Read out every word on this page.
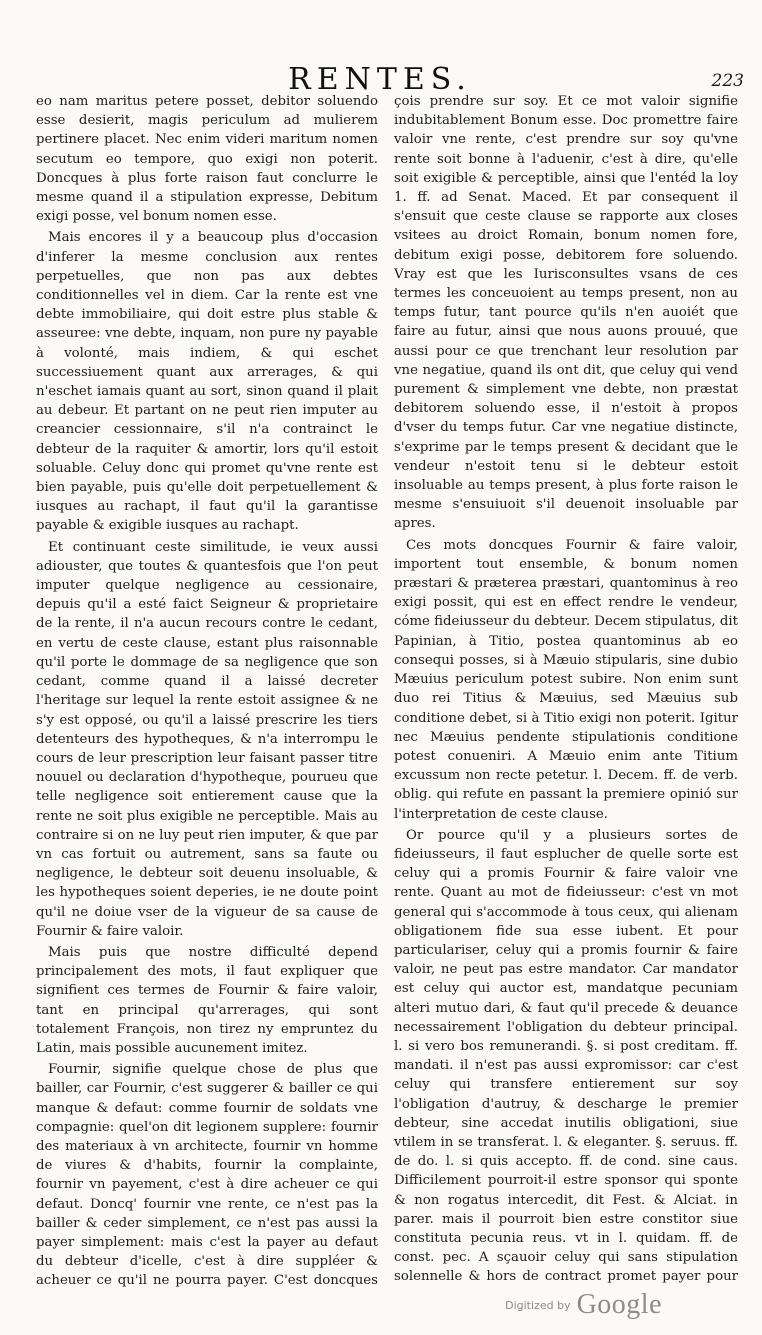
RENTES.	223

eo nam maritus petere posset, debitor soluendo esse desierit, magis periculum ad mulierem pertinere placet. Nec enim videri maritum nomen secutum eo tempore, quo exigi non poterit. Doncques à plus forte raison faut conclurre le mesme quand il a stipulation expresse, Debitum exigi posse, vel bonum nomen esse.

Mais encores il y a beaucoup plus d'occasion d'inferer la mesme conclusion aux rentes perpetuelles, que non pas aux debtes conditionnelles vel in diem. Car la rente est vne debte immobiliaire, qui doit estre plus stable & asseuree: vne debte, inquam, non pure ny payable à volonté, mais indiem, & qui eschet successiuement quant aux arrerages, & qui n'eschet iamais quant au sort, sinon quand il plait au debeur. Et partant on ne peut rien imputer au creancier cessionnaire, s'il n'a contrainct le debteur de la raquiter & amortir, lors qu'il estoit soluable. Celuy donc qui promet qu'vne rente est bien payable, puis qu'elle doit perpetuellement & iusques au rachapt, il faut qu'il la garantisse payable & exigible iusques au rachapt.

Et continuant ceste similitude, ie veux aussi adiouster, que toutes & quantesfois que l'on peut imputer quelque negligence au cessionaire, depuis qu'il a esté faict Seigneur & proprietaire de la rente, il n'a aucun recours contre le cedant, en vertu de ceste clause, estant plus raisonnable qu'il porte le dommage de sa negligence que son cedant, comme quand il a laissé decreter l'heritage sur lequel la rente estoit assignee & ne s'y est opposé, ou qu'il a laissé prescrire les tiers detenteurs des hypotheques, & n'a interrompu le cours de leur prescription leur faisant passer titre nouuel ou declaration d'hypotheque, pourueu que telle negligence soit entierement cause que la rente ne soit plus exigible ne perceptible. Mais au contraire si on ne luy peut rien imputer, & que par vn cas fortuit ou autrement, sans sa faute ou negligence, le debteur soit deuenu insoluable, & les hypotheques soient deperies, ie ne doute point qu'il ne doiue vser de la vigueur de sa cause de Fournir & faire valoir.

Mais puis que nostre difficulté depend principalement des mots, il faut expliquer que signifient ces termes de Fournir & faire valoir, tant en principal qu'arrerages, qui sont totalement François, non tirez ny empruntez du Latin, mais possible aucunement imitez.

Fournir, signifie quelque chose de plus que bailler, car Fournir, c'est suggerer & bailler ce qui manque & defaut: comme fournir de soldats vne compagnie: quel'on dit legionem supplere: fournir des materiaux à vn architecte, fournir vn homme de viures & d'habits, fournir la complainte, fournir vn payement, c'est à dire acheuer ce qui defaut. Doncq' fournir vne rente, ce n'est pas la bailler & ceder simplement, ce n'est pas aussi la payer simplement: mais c'est la payer au defaut du debteur d'icelle, c'est à dire suppléer & acheuer ce qu'il ne pourra payer. C'est doncques

çois prendre sur soy. Et ce mot valoir signifie indubitablement Bonum esse. Doc promettre faire valoir vne rente, c'est prendre sur soy qu'vne rente soit bonne à l'aduenir, c'est à dire, qu'elle soit exigible & perceptible, ainsi que l'entéd la loy 1. ff. ad Senat. Maced. Et par consequent il s'ensuit que ceste clause se rapporte aux closes vsitees au droict Romain, bonum nomen fore, debitum exigi posse, debitorem fore soluendo. Vray est que les Iurisconsultes vsans de ces termes les conceuoient au temps present, non au temps futur, tant pource qu'ils n'en auoiét que faire au futur, ainsi que nous auons prouué, que aussi pour ce que trenchant leur resolution par vne negatiue, quand ils ont dit, que celuy qui vend purement & simplement vne debte, non præstat debitorem soluendo esse, il n'estoit à propos d'vser du temps futur. Car vne negatiue distincte, s'exprime par le temps present & decidant que le vendeur n'estoit tenu si le debteur estoit insoluable au temps present, à plus forte raison le mesme s'ensuiuoit s'il deuenoit insoluable par apres.

Ces mots doncques Fournir & faire valoir, importent tout ensemble, & bonum nomen præstari & præterea præstari, quantominus à reo exigi possit, qui est en effect rendre le vendeur, cóme fideiusseur du debteur. Decem stipulatus, dit Papinian, à Titio, postea quantominus ab eo consequi posses, si à Mæuio stipularis, sine dubio Mæuius periculum potest subire. Non enim sunt duo rei Titius & Mæuius, sed Mæuius sub conditione debet, si à Titio exigi non poterit. Igitur nec Mæuius pendente stipulationis conditione potest conueniri. A Mæuio enim ante Titium excussum non recte petetur. l. Decem. ff. de verb. oblig. qui refute en passant la premiere opinió sur l'interpretation de ceste clause.

Or pource qu'il y a plusieurs sortes de fideiusseurs, il faut esplucher de quelle sorte est celuy qui a promis Fournir & faire valoir vne rente. Quant au mot de fideiusseur: c'est vn mot general qui s'accommode à tous ceux, qui alienam obligationem fide sua esse iubent. Et pour particulariser, celuy qui a promis fournir & faire valoir, ne peut pas estre mandator. Car mandator est celuy qui auctor est, mandatque pecuniam alteri mutuo dari, & faut qu'il precede & deuance necessairement l'obligation du debteur principal. l. si vero bos remunerandi. §. si post creditam. ff. mandati. il n'est pas aussi expromissor: car c'est celuy qui transfere entierement sur soy l'obligation d'autruy, & descharge le premier debteur, sine accedat inutilis obligationi, siue vtilem in se transferat. l. & eleganter. §. seruus. ff. de do. l. si quis accepto. ff. de cond. sine caus. Difficilement pourroit-il estre sponsor qui sponte & non rogatus intercedit, dit Fest. & Alciat. in parer. mais il pourroit bien estre constitor siue constituta pecunia reus. vt in l. quidam. ff. de const. pec. A sçauoir celuy qui sans stipulation solennelle & hors de contract promet payer pour

Digitized by Google
